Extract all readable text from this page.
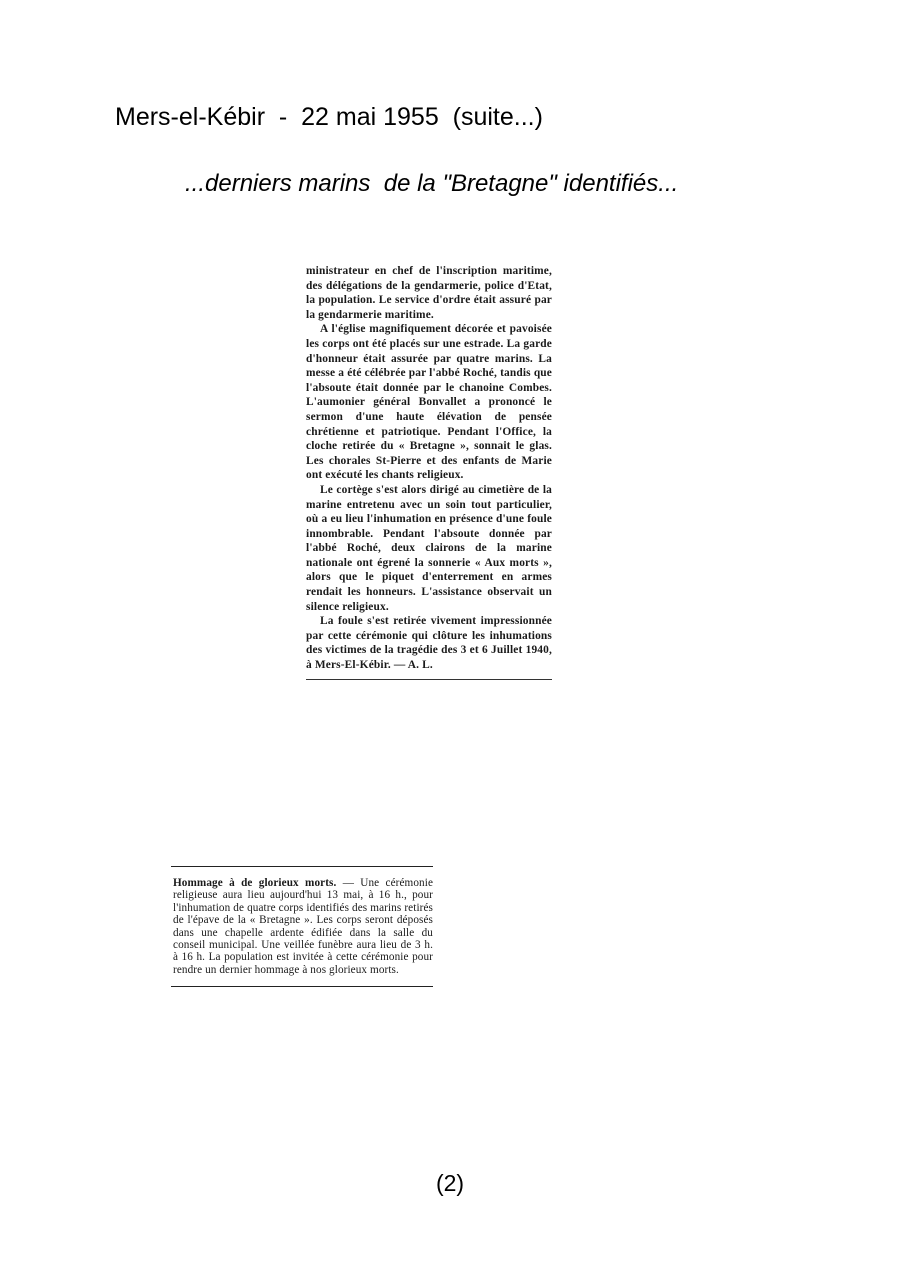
Mers-el-Kébir  -  22 mai 1955  (suite...)
...derniers marins  de la "Bretagne" identifiés...

ministrateur en chef de l'inscription maritime, des délégations de la gendarmerie, police d'Etat, la population. Le service d'ordre était assuré par la gendarmerie maritime.

A l'église magnifiquement décorée et pavoisée les corps ont été placés sur une estrade. La garde d'honneur était assurée par quatre marins. La messe a été célébrée par l'abbé Roché, tandis que l'absoute était donnée par le chanoine Combes. L'aumonier général Bonvallet a prononcé le sermon d'une haute élévation de pensée chrétienne et patriotique. Pendant l'Office, la cloche retirée du « Bretagne », sonnait le glas. Les chorales St-Pierre et des enfants de Marie ont exécuté les chants religieux.

Le cortège s'est alors dirigé au cimetière de la marine entretenu avec un soin tout particulier, où a eu lieu l'inhumation en présence d'une foule innombrable. Pendant l'absoute donnée par l'abbé Roché, deux clairons de la marine nationale ont égrené la sonnerie « Aux morts », alors que le piquet d'enterrement en armes rendait les honneurs. L'assistance observait un silence religieux.

La foule s'est retirée vivement impressionnée par cette cérémonie qui clôture les inhumations des victimes de la tragédie des 3 et 6 Juillet 1940, à Mers-El-Kébir. — A. L.

Hommage à de glorieux morts. — Une cérémonie religieuse aura lieu aujourd'hui 13 mai, à 16 h., pour l'inhumation de quatre corps identifiés des marins retirés de l'épave de la « Bretagne ». Les corps seront déposés dans une chapelle ardente édifiée dans la salle du conseil municipal. Une veillée funèbre aura lieu de 3 h. à 16 h. La population est invitée à cette cérémonie pour rendre un dernier hommage à nos glorieux morts.

(2)
